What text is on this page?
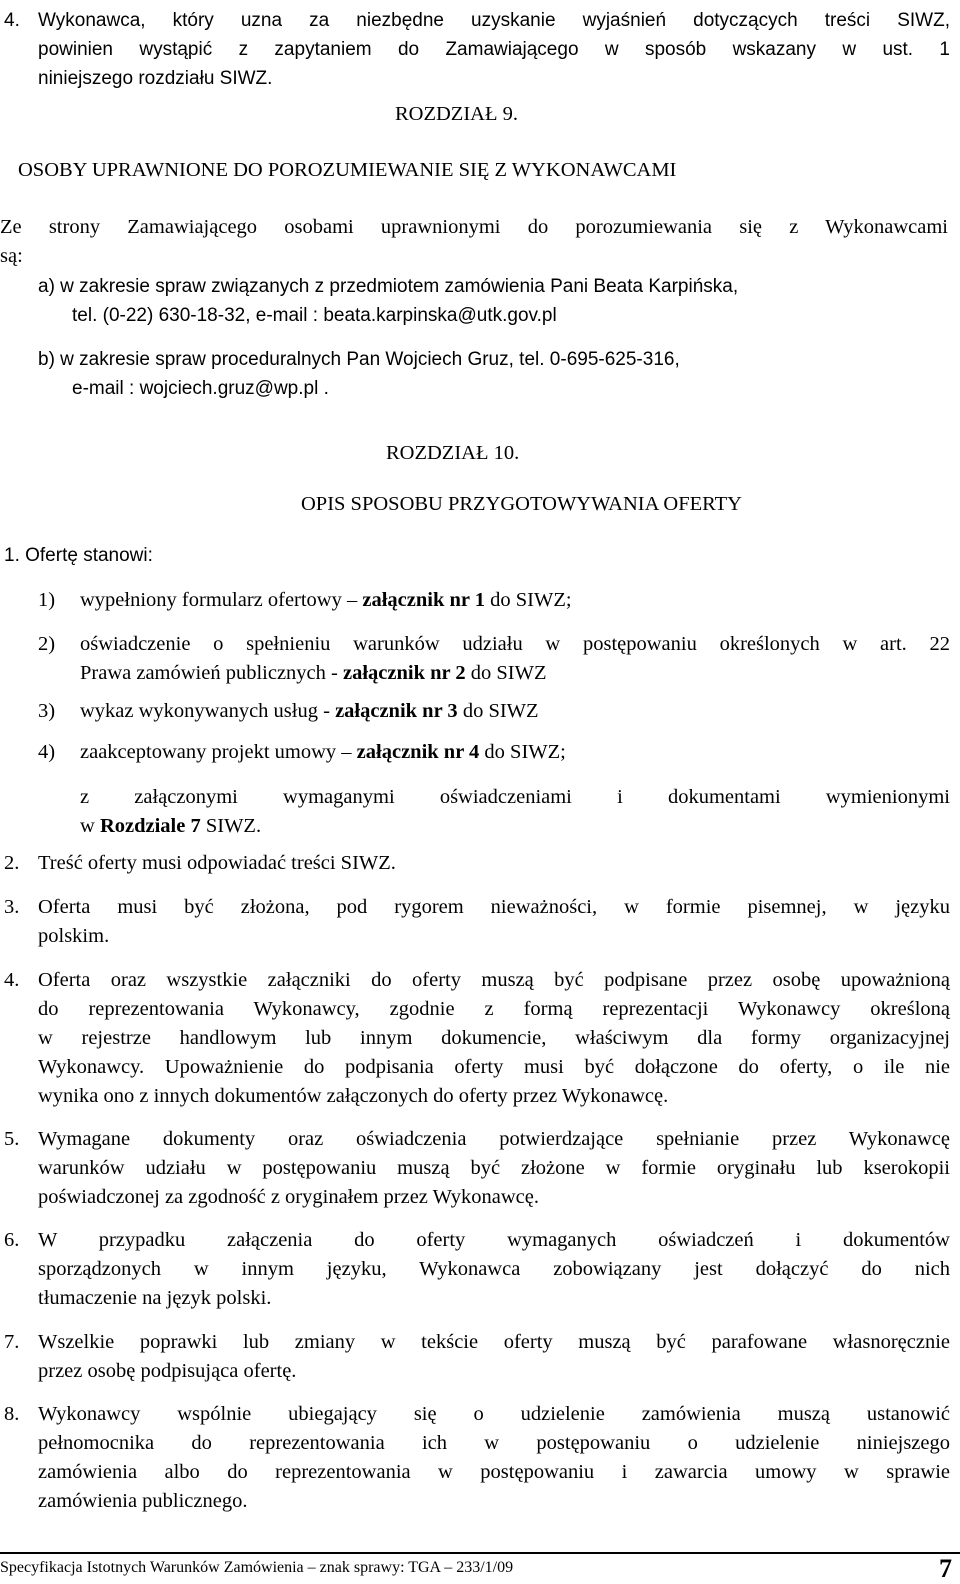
4. Wykonawca, który uzna za niezbędne uzyskanie wyjaśnień dotyczących treści SIWZ,
powinien wystąpić z zapytaniem do Zamawiającego w sposób wskazany w ust. 1
niniejszego rozdziału SIWZ.
ROZDZIAŁ 9.
OSOBY UPRAWNIONE DO POROZUMIEWANIE SIĘ Z WYKONAWCAMI
Ze strony Zamawiającego osobami uprawnionymi do porozumiewania się z Wykonawcami
są:
a) w zakresie spraw związanych z przedmiotem zamówienia Pani Beata Karpińska,
tel. (0-22) 630-18-32, e-mail : beata.karpinska@utk.gov.pl
b) w zakresie spraw proceduralnych Pan Wojciech Gruz, tel. 0-695-625-316,
e-mail : wojciech.gruz@wp.pl .
ROZDZIAŁ 10.
OPIS SPOSOBU PRZYGOTOWYWANIA OFERTY
1. Ofertę stanowi:
1) wypełniony formularz ofertowy – załącznik nr 1 do SIWZ;
2) oświadczenie o spełnieniu warunków udziału w postępowaniu określonych w art. 22
Prawa zamówień publicznych - załącznik nr 2 do SIWZ
3) wykaz wykonywanych usług - załącznik nr 3 do SIWZ
4) zaakceptowany projekt umowy – załącznik nr 4 do SIWZ;
z załączonymi wymaganymi oświadczeniami i dokumentami wymienionymi
w Rozdziale 7 SIWZ.
2. Treść oferty musi odpowiadać treści SIWZ.
3. Oferta musi być złożona, pod rygorem nieważności, w formie pisemnej, w języku
polskim.
4. Oferta oraz wszystkie załączniki do oferty muszą być podpisane przez osobę upoważnioną
do reprezentowania Wykonawcy, zgodnie z formą reprezentacji Wykonawcy określoną
w rejestrze handlowym lub innym dokumencie, właściwym dla formy organizacyjnej
Wykonawcy. Upoważnienie do podpisania oferty musi być dołączone do oferty, o ile nie
wynika ono z innych dokumentów załączonych do oferty przez Wykonawcę.
5. Wymagane dokumenty oraz oświadczenia potwierdzające spełnianie przez Wykonawcę
warunków udziału w postępowaniu muszą być złożone w formie oryginału lub kserokopii
poświadczonej za zgodność z oryginałem przez Wykonawcę.
6. W przypadku załączenia do oferty wymaganych oświadczeń i dokumentów
sporządzonych w innym języku, Wykonawca zobowiązany jest dołączyć do nich
tłumaczenie na język polski.
7. Wszelkie poprawki lub zmiany w tekście oferty muszą być parafowane własnoręcznie
przez osobę podpisująca ofertę.
8. Wykonawcy wspólnie ubiegający się o udzielenie zamówienia muszą ustanowić
pełnomocnika do reprezentowania ich w postępowaniu o udzielenie niniejszego
zamówienia albo do reprezentowania w postępowaniu i zawarcia umowy w sprawie
zamówienia publicznego.
Specyfikacja Istotnych Warunków Zamówienia – znak sprawy: TGA – 233/1/09	7
